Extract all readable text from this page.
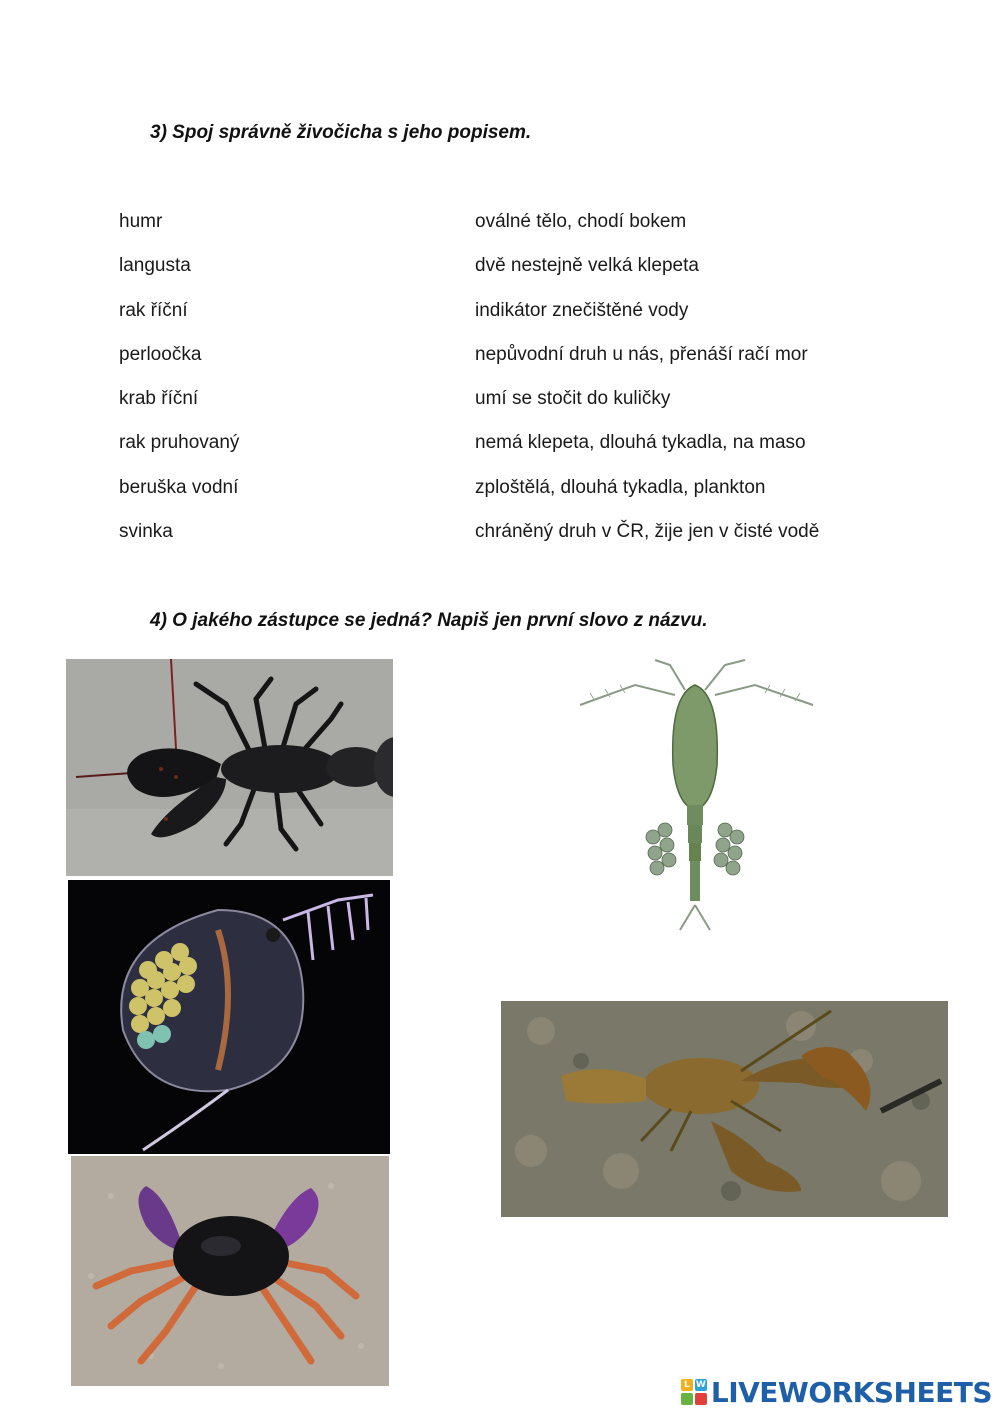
3) Spoj správně živočicha s jeho popisem.
humr
langusta
rak říční
perloočka
krab říční
rak pruhovaný
beruška vodní
svinka
oválné tělo, chodí bokem
dvě nestejně velká klepeta
indikátor znečištěné vody
nepůvodní druh u nás, přenáší račí mor
umí se stočit do kuličky
nemá klepeta, dlouhá tykadla, na maso
zploštělá, dlouhá tykadla, plankton
chráněný druh v ČR, žije jen v čisté vodě
4) O jakého zástupce se jedná? Napiš jen první slovo z názvu.
L W LIVEWORKSHEETS
